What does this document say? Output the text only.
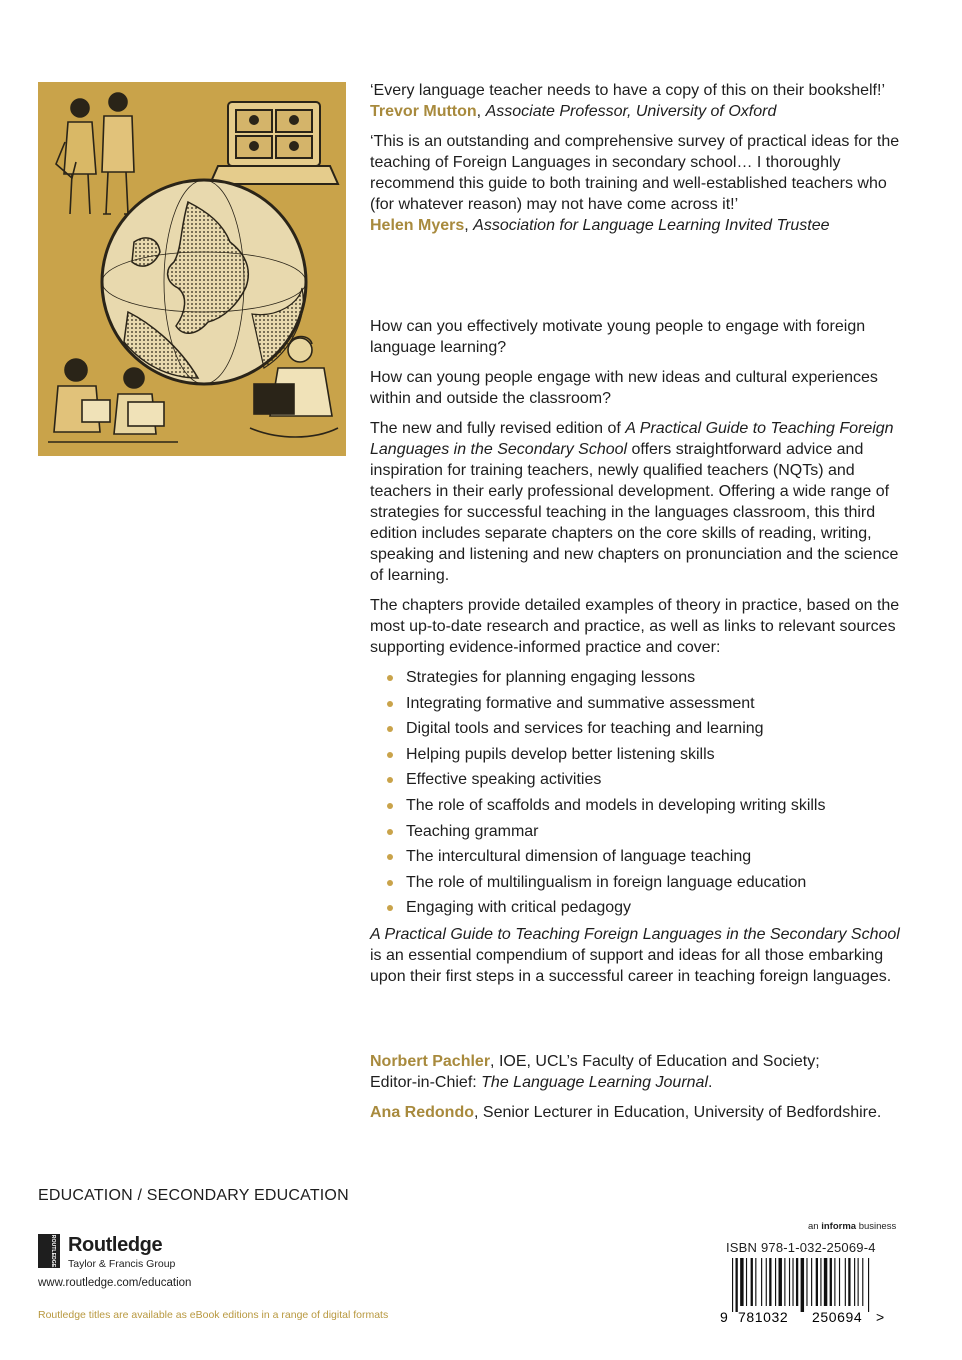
‘Every language teacher needs to have a copy of this on their bookshelf!’
Trevor Mutton, Associate Professor, University of Oxford

‘This is an outstanding and comprehensive survey of practical ideas for the teaching of Foreign Languages in secondary school… I thoroughly recommend this guide to both training and well-established teachers who (for whatever reason) may not have come across it!’
Helen Myers, Association for Language Learning Invited Trustee

How can you effectively motivate young people to engage with foreign language learning?

How can young people engage with new ideas and cultural experiences within and outside the classroom?

The new and fully revised edition of A Practical Guide to Teaching Foreign Languages in the Secondary School offers straightforward advice and inspiration for training teachers, newly qualified teachers (NQTs) and teachers in their early professional development. Offering a wide range of strategies for successful teaching in the languages classroom, this third edition includes separate chapters on the core skills of reading, writing, speaking and listening and new chapters on pronunciation and the science of learning.

The chapters provide detailed examples of theory in practice, based on the most up-to-date research and practice, as well as links to relevant sources supporting evidence-informed practice and cover:

Strategies for planning engaging lessons
Integrating formative and summative assessment
Digital tools and services for teaching and learning
Helping pupils develop better listening skills
Effective speaking activities
The role of scaffolds and models in developing writing skills
Teaching grammar
The intercultural dimension of language teaching
The role of multilingualism in foreign language education
Engaging with critical pedagogy

A Practical Guide to Teaching Foreign Languages in the Secondary School is an essential compendium of support and ideas for all those embarking upon their first steps in a successful career in teaching foreign languages.

Norbert Pachler, IOE, UCL’s Faculty of Education and Society;
Editor-in-Chief: The Language Learning Journal.

Ana Redondo, Senior Lecturer in Education, University of Bedfordshire.

EDUCATION / SECONDARY EDUCATION
ROUTLEDGE Routledge
Taylor & Francis Group
www.routledge.com/education
Routledge titles are available as eBook editions in a range of digital formats
an informa business
ISBN 978-1-032-25069-4
9 781032 250694 >
